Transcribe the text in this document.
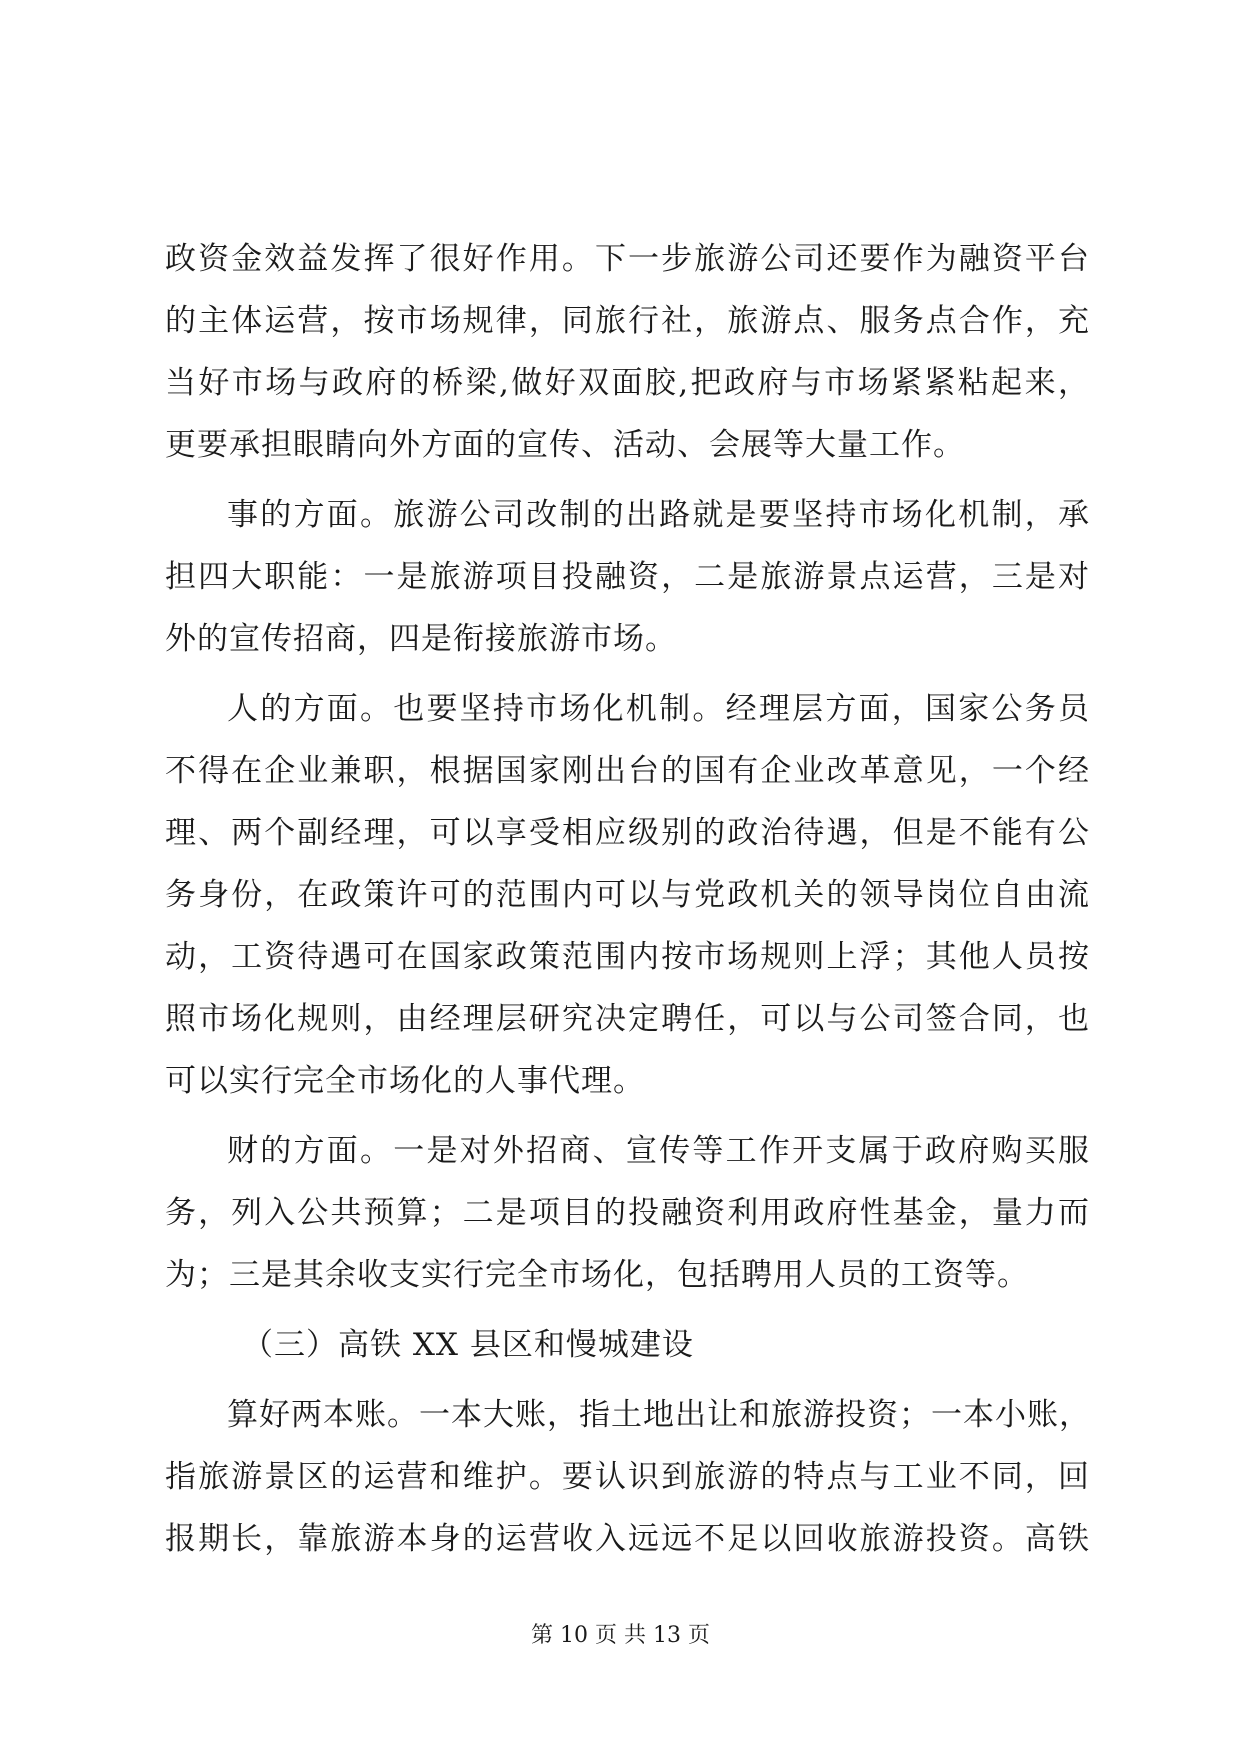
政资金效益发挥了很好作用。下一步旅游公司还要作为融资平台
的主体运营，按市场规律，同旅行社，旅游点、服务点合作，充
当好市场与政府的桥梁,做好双面胶,把政府与市场紧紧粘起来，
更要承担眼睛向外方面的宣传、活动、会展等大量工作。
事的方面。旅游公司改制的出路就是要坚持市场化机制，承
担四大职能：一是旅游项目投融资，二是旅游景点运营，三是对
外的宣传招商，四是衔接旅游市场。
人的方面。也要坚持市场化机制。经理层方面，国家公务员
不得在企业兼职，根据国家刚出台的国有企业改革意见，一个经
理、两个副经理，可以享受相应级别的政治待遇，但是不能有公
务身份，在政策许可的范围内可以与党政机关的领导岗位自由流
动，工资待遇可在国家政策范围内按市场规则上浮；其他人员按
照市场化规则，由经理层研究决定聘任，可以与公司签合同，也
可以实行完全市场化的人事代理。
财的方面。一是对外招商、宣传等工作开支属于政府购买服
务，列入公共预算；二是项目的投融资利用政府性基金，量力而
为；三是其余收支实行完全市场化，包括聘用人员的工资等。
（三）高铁 XX 县区和慢城建设
算好两本账。一本大账，指土地出让和旅游投资；一本小账，
指旅游景区的运营和维护。要认识到旅游的特点与工业不同，回
报期长，靠旅游本身的运营收入远远不足以回收旅游投资。高铁
第 10 页 共 13 页
